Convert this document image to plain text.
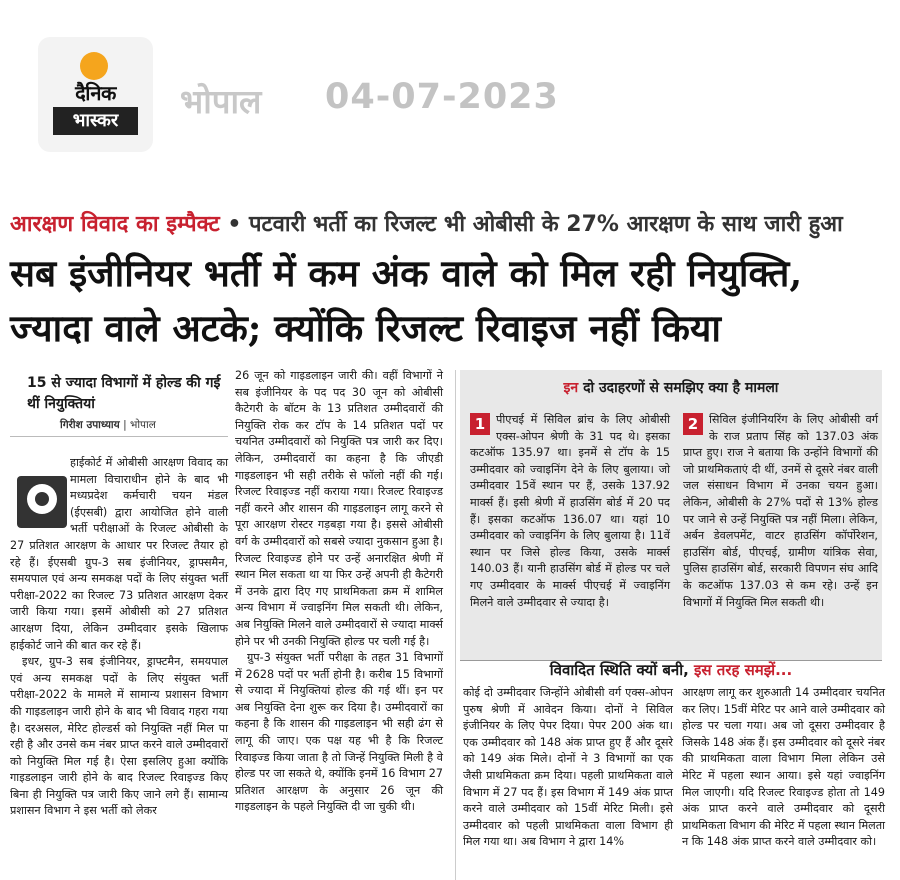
दैनिक
भास्कर	भोपाल 04-07-2023
आरक्षण विवाद का इम्पैक्ट • पटवारी भर्ती का रिजल्ट भी ओबीसी के 27% आरक्षण के साथ जारी हुआ
सब इंजीनियर भर्ती में कम अंक वाले को मिल रही नियुक्ति,
ज्यादा वाले अटके; क्योंकि रिजल्ट रिवाइज नहीं किया
15 से ज्यादा विभागों में होल्ड की गई थीं नियुक्तियां
गिरीश उपाध्याय | भोपाल

हाईकोर्ट में ओबीसी आरक्षण विवाद का मामला विचाराधीन होने के बाद भी मध्यप्रदेश कर्मचारी चयन मंडल (ईएसबी) द्वारा आयोजित होने वाली भर्ती परीक्षाओं के रिजल्ट ओबीसी के 27 प्रतिशत आरक्षण के आधार पर रिजल्ट तैयार हो रहे हैं। ईएसबी ग्रुप-3 सब इंजीनियर, ड्राफ्समैन, समयपाल एवं अन्य समकक्ष पदों के लिए संयुक्त भर्ती परीक्षा-2022 का रिजल्ट 73 प्रतिशत आरक्षण देकर जारी किया गया। इसमें ओबीसी को 27 प्रतिशत आरक्षण दिया, लेकिन उम्मीदवार इसके खिलाफ हाईकोर्ट जाने की बात कर रहे हैं।

इधर, ग्रुप-3 सब इंजीनियर, ड्राफ्टमैन, समयपाल एवं अन्य समकक्ष पदों के लिए संयुक्त भर्ती परीक्षा-2022 के मामले में सामान्य प्रशासन विभाग की गाइडलाइन जारी होने के बाद भी विवाद गहरा गया है। दरअसल, मेरिट होल्डर्स को नियुक्ति नहीं मिल पा रही है और उनसे कम नंबर प्राप्त करने वाले उम्मीदवारों को नियुक्ति मिल गई है। ऐसा इसलिए हुआ क्योंकि गाइडलाइन जारी होने के बाद रिजल्ट रिवाइज्ड किए बिना ही नियुक्ति पत्र जारी किए जाने लगे हैं। सामान्य प्रशासन विभाग ने इस भर्ती को लेकर

26 जून को गाइडलाइन जारी की। वहीं विभागों ने सब इंजीनियर के पद पद 30 जून को ओबीसी कैटेगरी के बॉटम के 13 प्रतिशत उम्मीदवारों की नियुक्ति रोक कर टॉप के 14 प्रतिशत पदों पर चयनित उम्मीदवारों को नियुक्ति पत्र जारी कर दिए। लेकिन, उम्मीदवारों का कहना है कि जीएडी गाइडलाइन भी सही तरीके से फॉलो नहीं की गई। रिजल्ट रिवाइज्ड नहीं कराया गया। रिजल्ट रिवाइज्ड नहीं करने और शासन की गाइडलाइन लागू करने से पूरा आरक्षण रोस्टर गड़बड़ा गया है। इससे ओबीसी वर्ग के उम्मीदवारों को सबसे ज्यादा नुकसान हुआ है। रिजल्ट रिवाइज्ड होने पर उन्हें अनारक्षित श्रेणी में स्थान मिल सकता था या फिर उन्हें अपनी ही कैटेगरी में उनके द्वारा दिए गए प्राथमिकता क्रम में शामिल अन्य विभाग में ज्वाइनिंग मिल सकती थी। लेकिन, अब नियुक्ति मिलने वाले उम्मीदवारों से ज्यादा मार्क्स होने पर भी उनकी नियुक्ति होल्ड पर चली गई है।

ग्रुप-3 संयुक्त भर्ती परीक्षा के तहत 31 विभागों में 2628 पदों पर भर्ती होनी है। करीब 15 विभागों से ज्यादा में नियुक्तियां होल्ड की गई थीं। इन पर अब नियुक्ति देना शुरू कर दिया है। उम्मीदवारों का कहना है कि शासन की गाइडलाइन भी सही ढंग से लागू की जाए। एक पक्ष यह भी है कि रिजल्ट रिवाइज्ड किया जाता है तो जिन्हें नियुक्ति मिली है वे होल्ड पर जा सकते थे, क्योंकि इनमें 16 विभाग 27 प्रतिशत आरक्षण के अनुसार 26 जून की गाइडलाइन के पहले नियुक्ति दी जा चुकी थी।

इन दो उदाहरणों से समझिए क्या है मामला
1 पीएचई में सिविल ब्रांच के लिए ओबीसी एक्स-ओपन श्रेणी के 31 पद थे। इसका कटऑफ 135.97 था। इनमें से टॉप के 15 उम्मीदवार को ज्वाइनिंग देने के लिए बुलाया। जो उम्मीदवार 15वें स्थान पर हैं, उसके 137.92 मार्क्स हैं। इसी श्रेणी में हाउसिंग बोर्ड में 20 पद हैं। इसका कटऑफ 136.07 था। यहां 10 उम्मीदवार को ज्वाइनिंग के लिए बुलाया है। 11वें स्थान पर जिसे होल्ड किया, उसके मार्क्स 140.03 हैं। यानी हाउसिंग बोर्ड में होल्ड पर चले गए उम्मीदवार के मार्क्स पीएचई में ज्वाइनिंग मिलने वाले उम्मीदवार से ज्यादा है।
2 सिविल इंजीनियरिंग के लिए ओबीसी वर्ग के राज प्रताप सिंह को 137.03 अंक प्राप्त हुए। राज ने बताया कि उन्होंने विभागों की जो प्राथमिकताएं दी थीं, उनमें से दूसरे नंबर वाली जल संसाधन विभाग में उनका चयन हुआ। लेकिन, ओबीसी के 27% पदों से 13% होल्ड पर जाने से उन्हें नियुक्ति पत्र नहीं मिला। लेकिन, अर्बन डेवलपमेंट, वाटर हाउसिंग कॉर्पोरेशन, हाउसिंग बोर्ड, पीएचई, ग्रामीण यांत्रिक सेवा, पुलिस हाउसिंग बोर्ड, सरकारी विपणन संघ आदि के कटऑफ 137.03 से कम रहे। उन्हें इन विभागों में नियुक्ति मिल सकती थी।
विवादित स्थिति क्यों बनी, इस तरह समझें...
कोई दो उम्मीदवार जिन्होंने ओबीसी वर्ग एक्स-ओपन पुरुष श्रेणी में आवेदन किया। दोनों ने सिविल इंजीनियर के लिए पेपर दिया। पेपर 200 अंक था। एक उम्मीदवार को 148 अंक प्राप्त हुए हैं और दूसरे को 149 अंक मिले। दोनों ने 3 विभागों का एक जैसी प्राथमिकता क्रम दिया। पहली प्राथमिकता वाले विभाग में 27 पद हैं। इस विभाग में 149 अंक प्राप्त करने वाले उम्मीदवार को 15वीं मेरिट मिली। इसे उम्मीदवार को पहली प्राथमिकता वाला विभाग ही मिल गया था। अब विभाग ने द्वारा 14%
आरक्षण लागू कर शुरुआती 14 उम्मीदवार चयनित कर लिए। 15वीं मेरिट पर आने वाले उम्मीदवार को होल्ड पर चला गया। अब जो दूसरा उम्मीदवार है जिसके 148 अंक हैं। इस उम्मीदवार को दूसरे नंबर की प्राथमिकता वाला विभाग मिला लेकिन उसे मेरिट में पहला स्थान आया। इसे यहां ज्वाइनिंग मिल जाएगी। यदि रिजल्ट रिवाइज्ड होता तो 149 अंक प्राप्त करने वाले उम्मीदवार को दूसरी प्राथमिकता विभाग की मेरिट में पहला स्थान मिलता न कि 148 अंक प्राप्त करने वाले उम्मीदवार को।
